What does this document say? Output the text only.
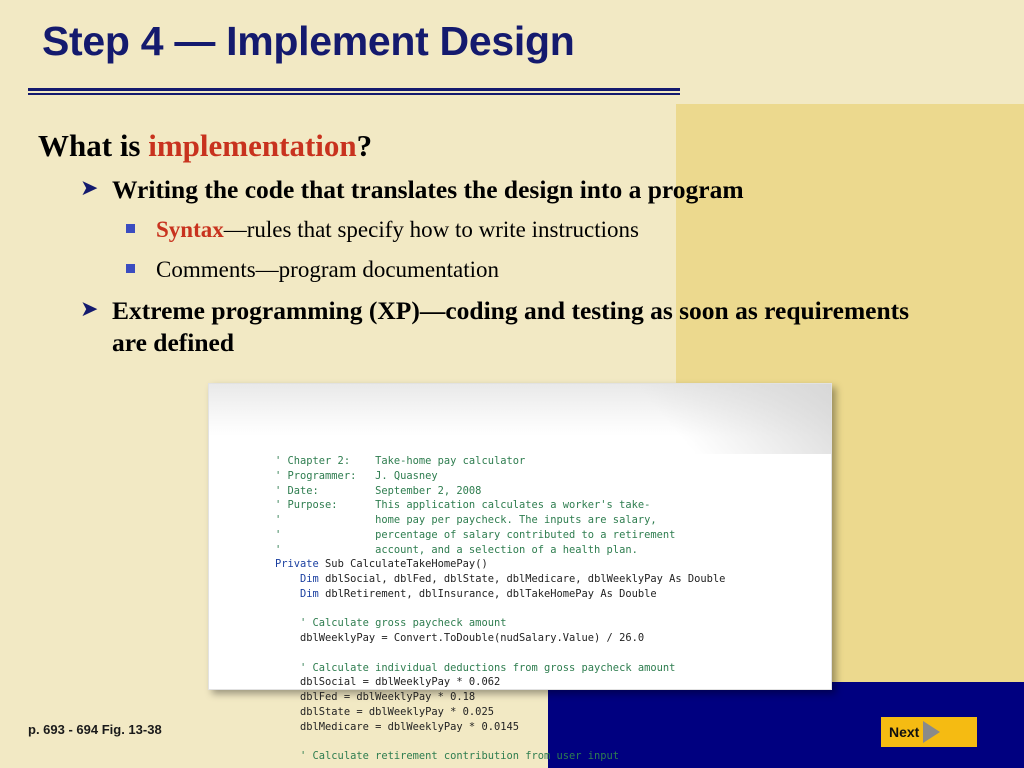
Step 4 — Implement Design
What is implementation?
➤ Writing the code that translates the design into a program
Syntax—rules that specify how to write instructions
Comments—program documentation
➤ Extreme programming (XP)—coding and testing as soon as requirements are defined
' Chapter 2:    Take-home pay calculator
' Programmer:   J. Quasney
' Date:         September 2, 2008
' Purpose:      This application calculates a worker's take-
'               home pay per paycheck. The inputs are salary,
'               percentage of salary contributed to a retirement
'               account, and a selection of a health plan.
Private Sub CalculateTakeHomePay()
Dim dblSocial, dblFed, dblState, dblMedicare, dblWeeklyPay As Double
Dim dblRetirement, dblInsurance, dblTakeHomePay As Double

' Calculate gross paycheck amount
dblWeeklyPay = Convert.ToDouble(nudSalary.Value) / 26.0

' Calculate individual deductions from gross paycheck amount
dblSocial = dblWeeklyPay * 0.062
dblFed = dblWeeklyPay * 0.18
dblState = dblWeeklyPay * 0.025
dblMedicare = dblWeeklyPay * 0.0145

' Calculate retirement contribution from user input
p. 693 - 694 Fig. 13-38	Next
